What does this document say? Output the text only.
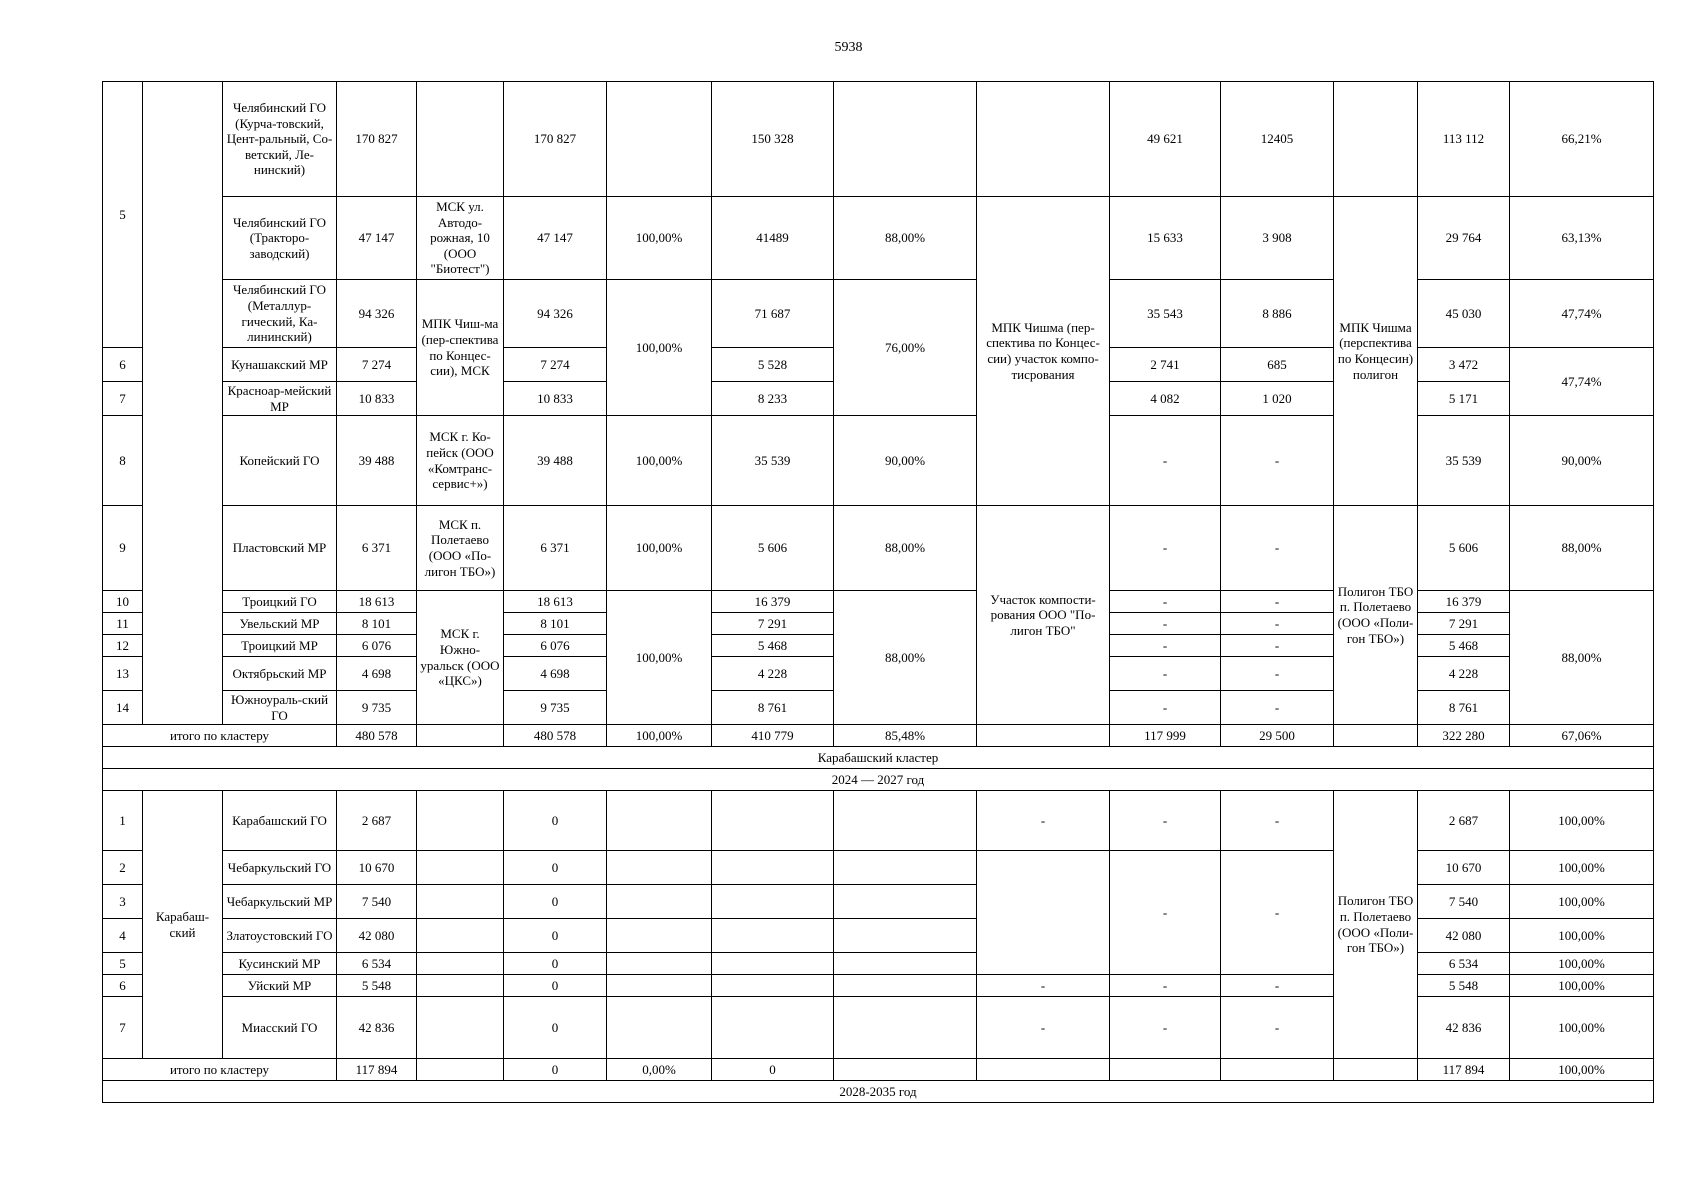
5938
5		Челябинский ГО (Курча-товский, Цент-ральный, Со-ветский, Ле-нинский)	170 827		170 827		150 328			49 621	12405		113 112	66,21%
		Челябинский ГО (Тракторо-заводский)	47 147	МСК ул. Автодо-рожная, 10 (ООО "Биотест")	47 147	100,00%	41489	88,00%	МПК Чишма (пер-спектива по Концес-сии) участок компо-тисрования	15 633	3 908	МПК Чишма (перспектива по Концесин) полигон	29 764	63,13%
		Челябинский ГО (Металлур-гический, Ка-лининский)	94 326	МПК Чиш-ма (пер-спектива по Концес-сии), МСК	94 326	100,00%	71 687	76,00%		35 543	8 886		45 030	47,74%
6		Кунашакский МР	7 274		7 274		5 528			2 741	685		3 472	47,74%
7		Красноар-мейский МР	10 833		10 833		8 233			4 082	1 020		5 171	
8		Копейский ГО	39 488	МСК г. Ко-пейск (ООО «Комтранс-сервис+»)	39 488	100,00%	35 539	90,00%		-	-		35 539	90,00%
9		Пластовский МР	6 371	МСК п. Полетаево (ООО «По-лигон ТБО»)	6 371	100,00%	5 606	88,00%	Участок компости-рования ООО "По-лигон ТБО"	-	-	Полигон ТБО п. Полетаево (ООО «Поли-гон ТБО»)	5 606	88,00%
10		Троицкий ГО	18 613	МСК г. Южно-уральск (ООО «ЦКС»)	18 613	100,00%	16 379	88,00%		-	-		16 379	88,00%
11		Увельский МР	8 101		8 101		7 291			-	-		7 291	
12		Троицкий МР	6 076		6 076		5 468			-	-		5 468	
13		Октябрьский МР	4 698		4 698		4 228			-	-		4 228	
14		Южноураль-ский ГО	9 735		9 735		8 761			-	-		8 761	
итого по кластеру			480 578		480 578	100,00%	410 779	85,48%		117 999	29 500		322 280	67,06%
Карабашский кластер														
2024 — 2027 год														
1	Карабаш-ский	Карабашский ГО	2 687		0				-	-	-	Полигон ТБО п. Полетаево (ООО «Поли-гон ТБО»)	2 687	100,00%
2		Чебаркульский ГО	10 670		0					-	-		10 670	100,00%
3		Чебаркульский МР	7 540		0								7 540	100,00%
4		Златоустовский ГО	42 080		0								42 080	100,00%
5		Кусинский МР	6 534		0								6 534	100,00%
6		Уйский МР	5 548		0				-	-	-		5 548	100,00%
7		Миасский ГО	42 836		0				-	-	-		42 836	100,00%
итого по кластеру			117 894		0	0,00%	0						117 894	100,00%
2028-2035 год														
